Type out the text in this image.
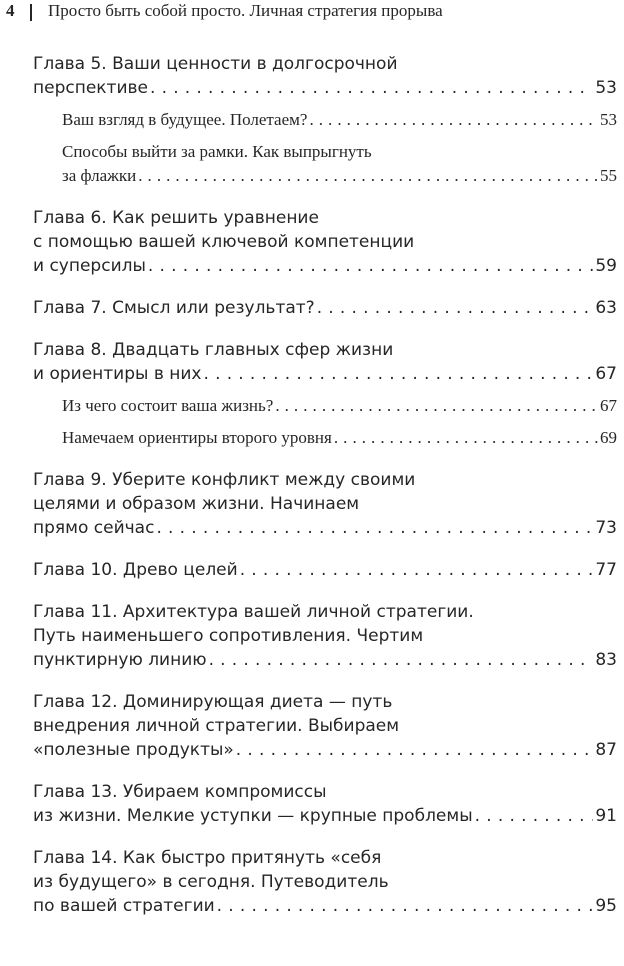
4 Просто быть собой просто. Личная стратегия прорыва
Глава 5. Ваши ценности в долгосрочной
перспективе . . .	53
Ваш взгляд в будущее. Полетаем? . . .	53
Способы выйти за рамки. Как выпрыгнуть
за флажки . . .	55
Глава 6. Как решить уравнение
с помощью вашей ключевой компетенции
и суперсилы . . .	59
Глава 7. Смысл или результат? . . .	63
Глава 8. Двадцать главных сфер жизни
и ориентиры в них . . .	67
Из чего состоит ваша жизнь? . . .	67
Намечаем ориентиры второго уровня . . .	69
Глава 9. Уберите конфликт между своими
целями и образом жизни. Начинаем
прямо сейчас . . .	73
Глава 10. Древо целей . . .	77
Глава 11. Архитектура вашей личной стратегии.
Путь наименьшего сопротивления. Чертим
пунктирную линию . . .	83
Глава 12. Доминирующая диета — путь
внедрения личной стратегии. Выбираем
«полезные продукты» . . .	87
Глава 13. Убираем компромиссы
из жизни. Мелкие уступки — крупные проблемы . . .	91
Глава 14. Как быстро притянуть «себя
из будущего» в сегодня. Путеводитель
по вашей стратегии . . .	95
